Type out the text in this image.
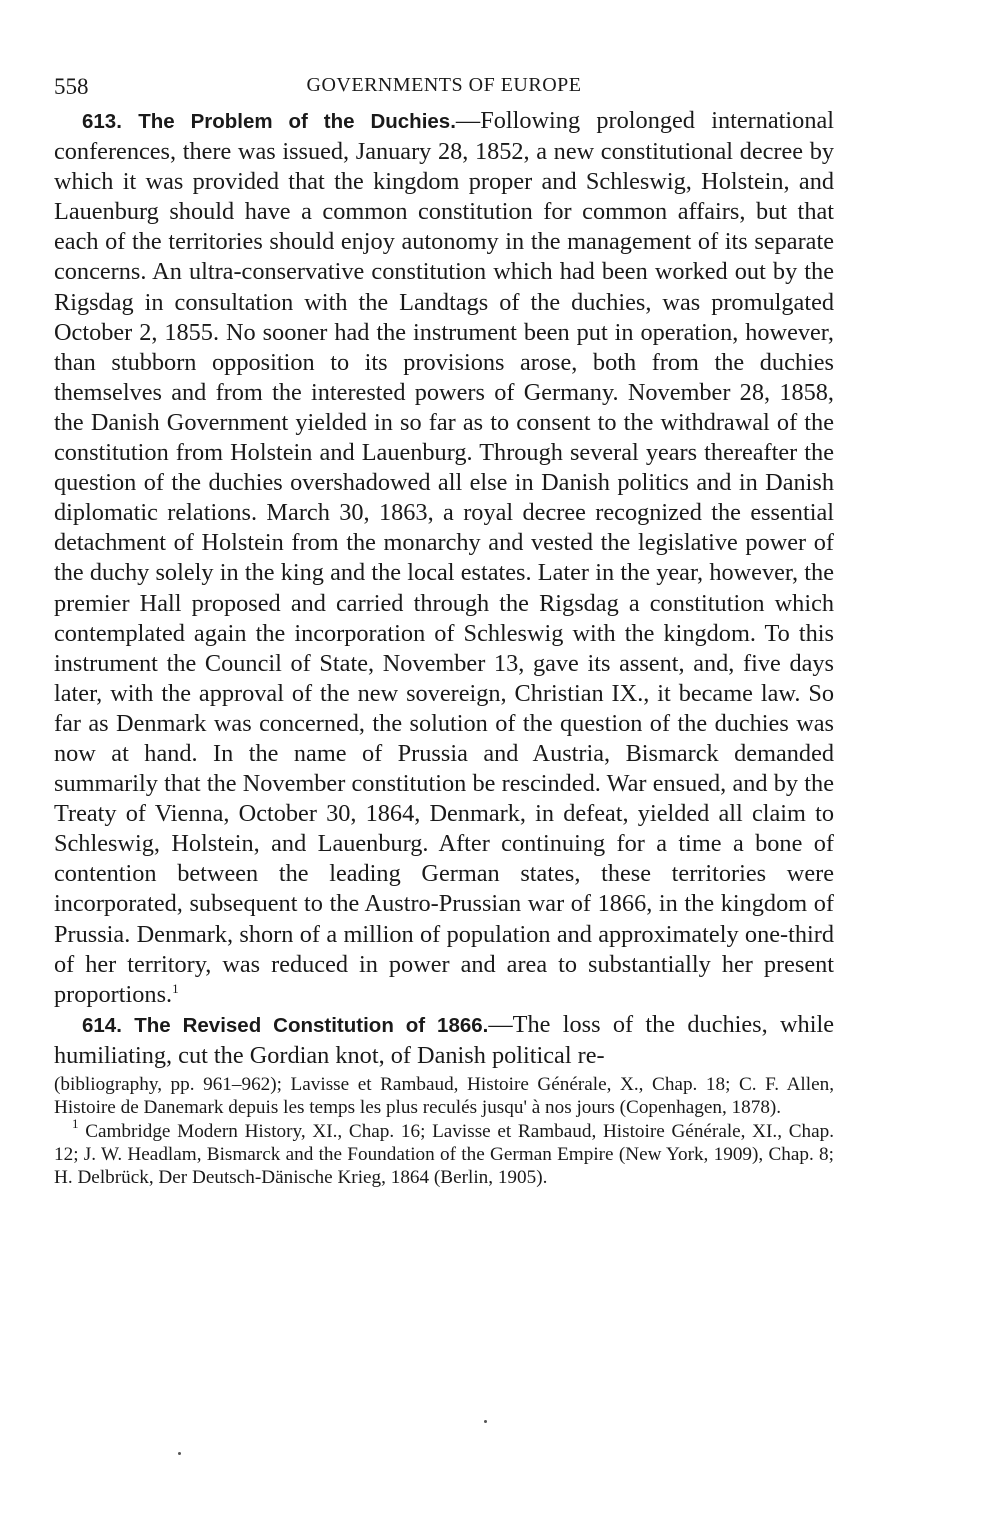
558	GOVERNMENTS OF EUROPE

613. The Problem of the Duchies.—Following prolonged international conferences, there was issued, January 28, 1852, a new constitutional decree by which it was provided that the kingdom proper and Schleswig, Holstein, and Lauenburg should have a common constitution for common affairs, but that each of the territories should enjoy autonomy in the management of its separate concerns. An ultra-conservative constitution which had been worked out by the Rigsdag in consultation with the Landtags of the duchies, was promulgated October 2, 1855. No sooner had the instrument been put in operation, however, than stubborn opposition to its provisions arose, both from the duchies themselves and from the interested powers of Germany. November 28, 1858, the Danish Government yielded in so far as to consent to the withdrawal of the constitution from Holstein and Lauenburg. Through several years thereafter the question of the duchies overshadowed all else in Danish politics and in Danish diplomatic relations. March 30, 1863, a royal decree recognized the essential detachment of Holstein from the monarchy and vested the legislative power of the duchy solely in the king and the local estates. Later in the year, however, the premier Hall proposed and carried through the Rigsdag a constitution which contemplated again the incorporation of Schleswig with the kingdom. To this instrument the Council of State, November 13, gave its assent, and, five days later, with the approval of the new sovereign, Christian IX., it became law. So far as Denmark was concerned, the solution of the question of the duchies was now at hand. In the name of Prussia and Austria, Bismarck demanded summarily that the November constitution be rescinded. War ensued, and by the Treaty of Vienna, October 30, 1864, Denmark, in defeat, yielded all claim to Schleswig, Holstein, and Lauenburg. After continuing for a time a bone of contention between the leading German states, these territories were incorporated, subsequent to the Austro-Prussian war of 1866, in the kingdom of Prussia. Denmark, shorn of a million of population and approximately one-third of her territory, was reduced in power and area to substantially her present proportions.$^1$

614. The Revised Constitution of 1866.—The loss of the duchies, while humiliating, cut the Gordian knot, of Danish political re-

(bibliography, pp. 961–962); Lavisse et Rambaud, Histoire Générale, X., Chap. 18; C. F. Allen, Histoire de Danemark depuis les temps les plus reculés jusqu' à nos jours (Copenhagen, 1878).

$^1$ Cambridge Modern History, XI., Chap. 16; Lavisse et Rambaud, Histoire Générale, XI., Chap. 12; J. W. Headlam, Bismarck and the Foundation of the German Empire (New York, 1909), Chap. 8; H. Delbrück, Der Deutsch-Dänische Krieg, 1864 (Berlin, 1905).
